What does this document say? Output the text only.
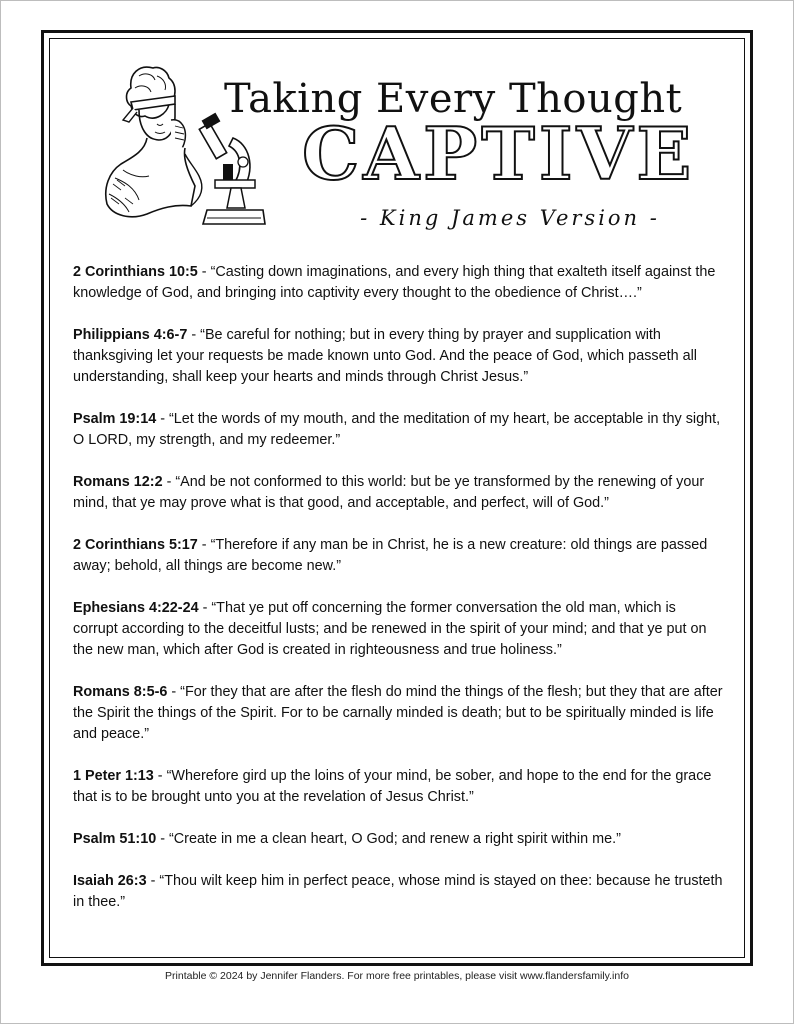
Taking Every Thought
CAPTIVE
- King James Version -

2 Corinthians 10:5 - “Casting down imaginations, and every high thing that exalteth itself against the knowledge of God, and bringing into captivity every thought to the obedience of Christ….”

Philippians 4:6-7 - “Be careful for nothing; but in every thing by prayer and supplication with thanksgiving let your requests be made known unto God. And the peace of God, which passeth all understanding, shall keep your hearts and minds through Christ Jesus.”

Psalm 19:14 - “Let the words of my mouth, and the meditation of my heart, be acceptable in thy sight, O LORD, my strength, and my redeemer.”

Romans 12:2 - “And be not conformed to this world: but be ye transformed by the renewing of your mind, that ye may prove what is that good, and acceptable, and perfect, will of God.”

2 Corinthians 5:17 - “Therefore if any man be in Christ, he is a new creature: old things are passed away; behold, all things are become new.”

Ephesians 4:22-24 - “That ye put off concerning the former conversation the old man, which is corrupt according to the deceitful lusts; and be renewed in the spirit of your mind; and that ye put on the new man, which after God is created in righteousness and true holiness.”

Romans 8:5-6 - “For they that are after the flesh do mind the things of the flesh; but they that are after the Spirit the things of the Spirit. For to be carnally minded is death; but to be spiritually minded is life and peace.”

1 Peter 1:13 - “Wherefore gird up the loins of your mind, be sober, and hope to the end for the grace that is to be brought unto you at the revelation of Jesus Christ.”

Psalm 51:10 - “Create in me a clean heart, O God; and renew a right spirit within me.”

Isaiah 26:3 - “Thou wilt keep him in perfect peace, whose mind is stayed on thee: because he trusteth in thee.”

Printable © 2024 by Jennifer Flanders. For more free printables, please visit www.flandersfamily.info
